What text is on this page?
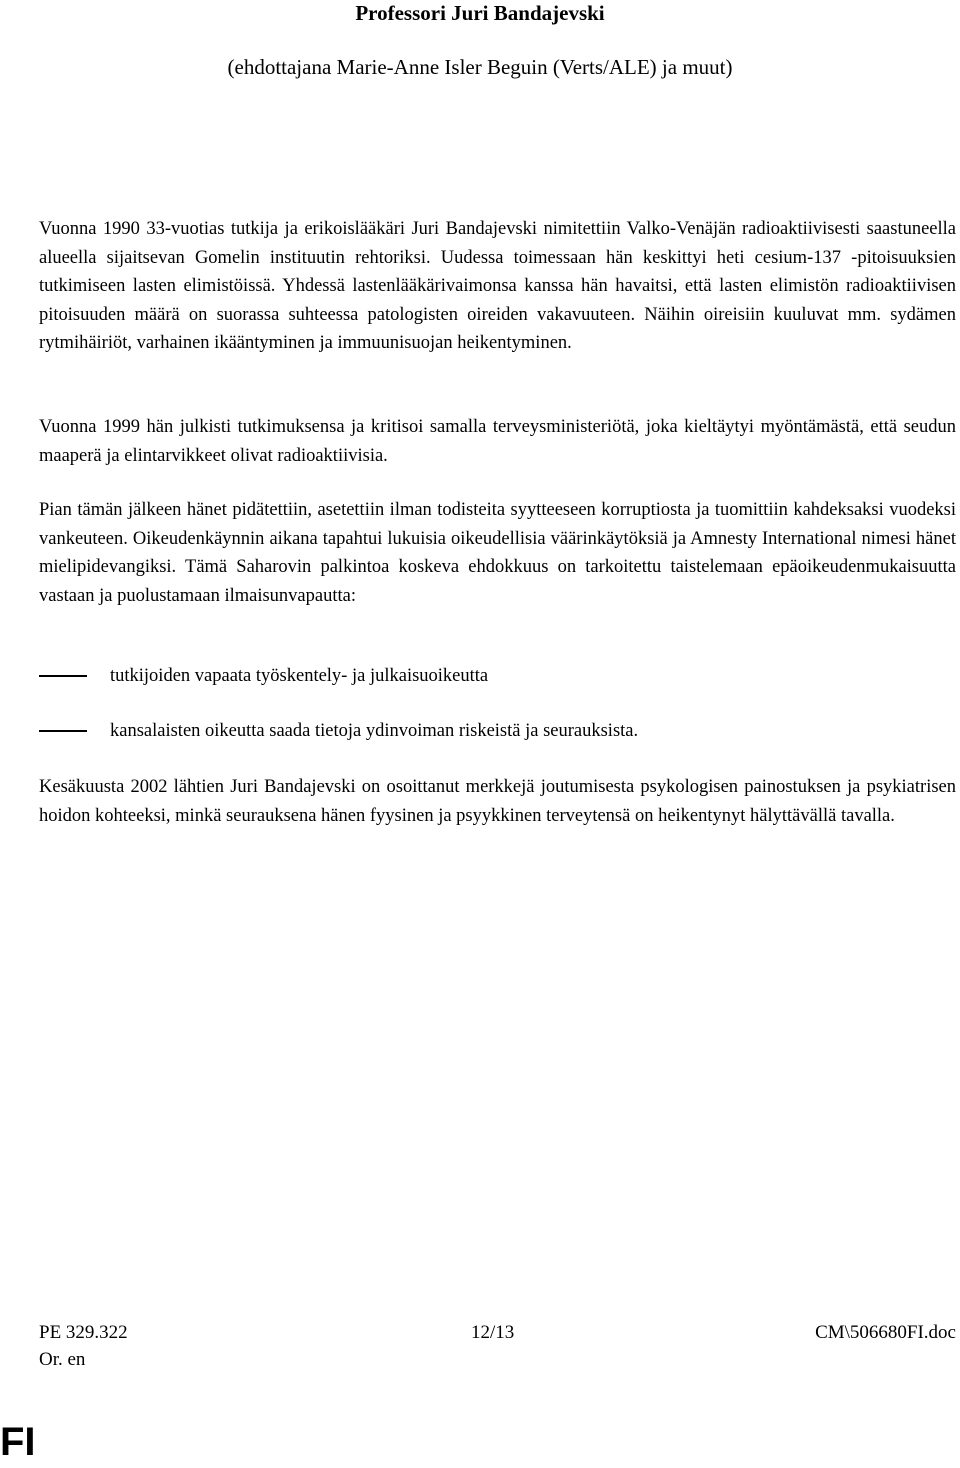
Professori Juri Bandajevski
(ehdottajana Marie-Anne Isler Beguin (Verts/ALE) ja muut)

Vuonna 1990 33-vuotias tutkija ja erikoislääkäri Juri Bandajevski nimitettiin Valko-Venäjän radioaktiivisesti saastuneella alueella sijaitsevan Gomelin instituutin rehtoriksi. Uudessa toimessaan hän keskittyi heti cesium-137 -pitoisuuksien tutkimiseen lasten elimistöissä. Yhdessä lastenlääkärivaimonsa kanssa hän havaitsi, että lasten elimistön radioaktiivisen pitoisuuden määrä on suorassa suhteessa patologisten oireiden vakavuuteen. Näihin oireisiin kuuluvat mm. sydämen rytmihäiriöt, varhainen ikääntyminen ja immuunisuojan heikentyminen.

Vuonna 1999 hän julkisti tutkimuksensa ja kritisoi samalla terveysministeriötä, joka kieltäytyi myöntämästä, että seudun maaperä ja elintarvikkeet olivat radioaktiivisia.

Pian tämän jälkeen hänet pidätettiin, asetettiin ilman todisteita syytteeseen korruptiosta ja tuomittiin kahdeksaksi vuodeksi vankeuteen. Oikeudenkäynnin aikana tapahtui lukuisia oikeudellisia väärinkäytöksiä ja Amnesty International nimesi hänet mielipidevangiksi. Tämä Saharovin palkintoa koskeva ehdokkuus on tarkoitettu taistelemaan epäoikeudenmukaisuutta vastaan ja puolustamaan ilmaisunvapautta:

tutkijoiden vapaata työskentely- ja julkaisuoikeutta
kansalaisten oikeutta saada tietoja ydinvoiman riskeistä ja seurauksista.

Kesäkuusta 2002 lähtien Juri Bandajevski on osoittanut merkkejä joutumisesta psykologisen painostuksen ja psykiatrisen hoidon kohteeksi, minkä seurauksena hänen fyysinen ja psyykkinen terveytensä on heikentynyt hälyttävällä tavalla.

PE 329.322	12/13	CM\506680FI.doc
Or. en
FI
